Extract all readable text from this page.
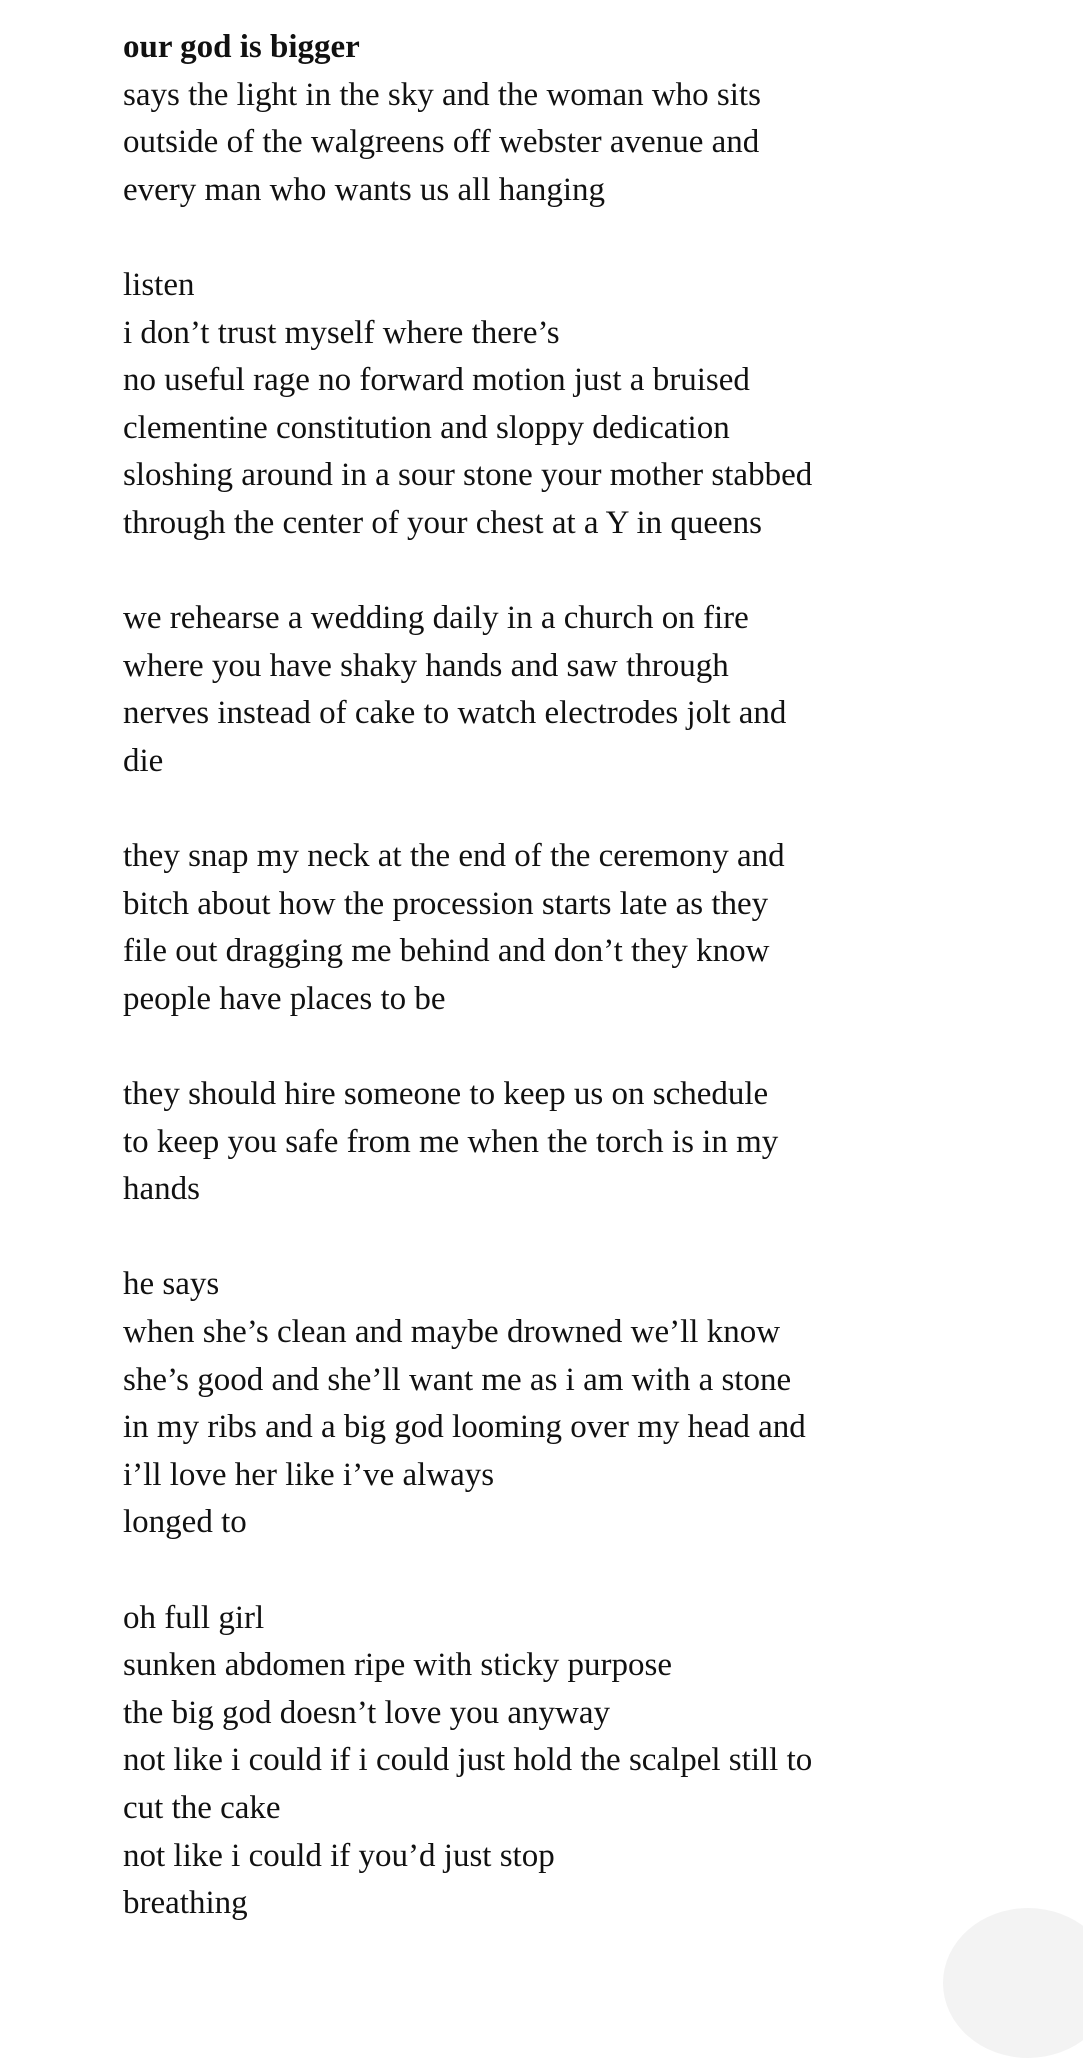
our god is bigger

says the light in the sky and the woman who sits
outside of the walgreens off webster avenue and
every man who wants us all hanging
listen
i don’t trust myself where there’s
no useful rage no forward motion just a bruised
clementine constitution and sloppy dedication
sloshing around in a sour stone your mother stabbed
through the center of your chest at a Y in queens
we rehearse a wedding daily in a church on fire
where you have shaky hands and saw through
nerves instead of cake to watch electrodes jolt and
die
they snap my neck at the end of the ceremony and
bitch about how the procession starts late as they
file out dragging me behind and don’t they know
people have places to be
they should hire someone to keep us on schedule
to keep you safe from me when the torch is in my
hands
he says
when she’s clean and maybe drowned we’ll know
she’s good and she’ll want me as i am with a stone
in my ribs and a big god looming over my head and
i’ll love her like i’ve always
longed to
oh full girl
sunken abdomen ripe with sticky purpose
the big god doesn’t love you anyway
not like i could if i could just hold the scalpel still to
cut the cake
not like i could if you’d just stop
breathing
